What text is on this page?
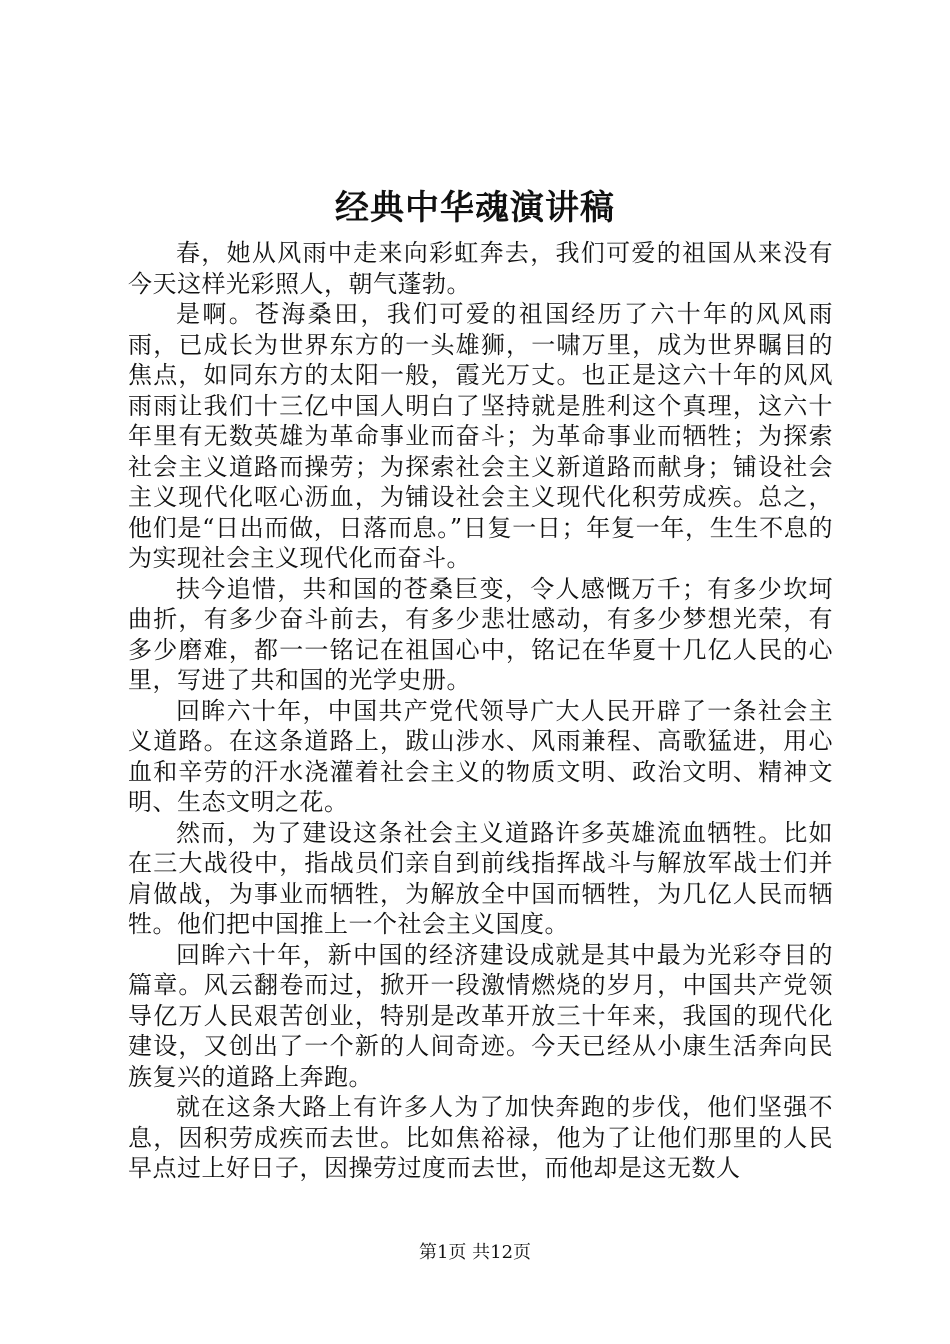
经典中华魂演讲稿

春，她从风雨中走来向彩虹奔去，我们可爱的祖国从来没有今天这样光彩照人，朝气蓬勃。

是啊。苍海桑田，我们可爱的祖国经历了六十年的风风雨雨，已成长为世界东方的一头雄狮，一啸万里，成为世界瞩目的焦点，如同东方的太阳一般，霞光万丈。也正是这六十年的风风雨雨让我们十三亿中国人明白了坚持就是胜利这个真理，这六十年里有无数英雄为革命事业而奋斗；为革命事业而牺牲；为探索社会主义道路而操劳；为探索社会主义新道路而献身；铺设社会主义现代化呕心沥血，为铺设社会主义现代化积劳成疾。总之，他们是“日出而做，日落而息。”日复一日；年复一年，生生不息的为实现社会主义现代化而奋斗。

扶今追惜，共和国的苍桑巨变，令人感慨万千；有多少坎坷曲折，有多少奋斗前去，有多少悲壮感动，有多少梦想光荣，有多少磨难，都一一铭记在祖国心中，铭记在华夏十几亿人民的心里，写进了共和国的光学史册。

回眸六十年，中国共产党代领导广大人民开辟了一条社会主义道路。在这条道路上，跋山涉水、风雨兼程、高歌猛进，用心血和辛劳的汗水浇灌着社会主义的物质文明、政治文明、精神文明、生态文明之花。

然而，为了建设这条社会主义道路许多英雄流血牺牲。比如在三大战役中，指战员们亲自到前线指挥战斗与解放军战士们并肩做战，为事业而牺牲，为解放全中国而牺牲，为几亿人民而牺牲。他们把中国推上一个社会主义国度。

回眸六十年，新中国的经济建设成就是其中最为光彩夺目的篇章。风云翻卷而过，掀开一段激情燃烧的岁月，中国共产党领导亿万人民艰苦创业，特别是改革开放三十年来，我国的现代化建设，又创出了一个新的人间奇迹。今天已经从小康生活奔向民族复兴的道路上奔跑。

就在这条大路上有许多人为了加快奔跑的步伐，他们坚强不息，因积劳成疾而去世。比如焦裕禄，他为了让他们那里的人民早点过上好日子，因操劳过度而去世，而他却是这无数人

第1页 共12页
